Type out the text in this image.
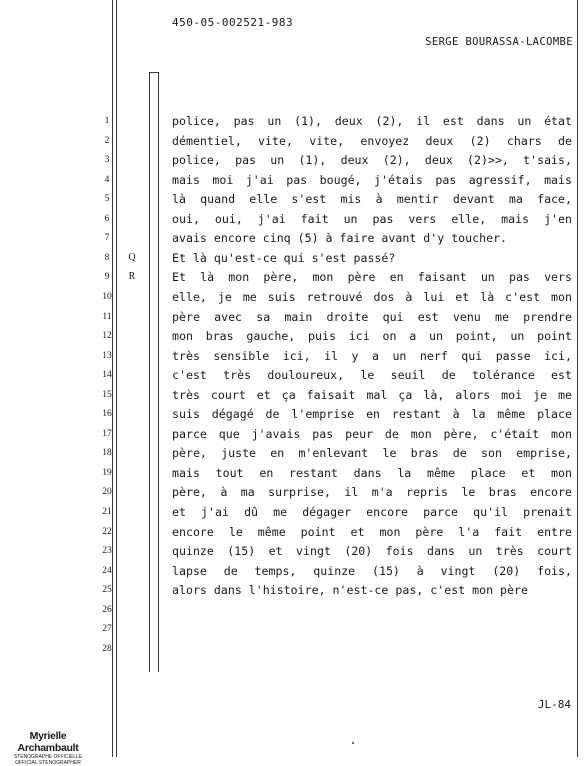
450-05-002521-983
SERGE BOURASSA-LACOMBE
1	police, pas un (1), deux (2), il est dans un état
2	démentiel, vite, vite, envoyez deux (2) chars de
3	police, pas un (1), deux (2), deux (2)>>, t'sais,
4	mais moi j'ai pas bougé, j'étais pas agressif, mais
5	là quand elle s'est mis à mentir devant ma face,
6	oui, oui, j'ai fait un pas vers elle, mais j'en
7	avais encore cinq (5) à faire avant d'y toucher.
8	Q	Et là qu'est-ce qui s'est passé?
9	R	Et là mon père, mon père en faisant un pas vers
10	elle, je me suis retrouvé dos à lui et là c'est mon
11	père avec sa main droite qui est venu me prendre
12	mon bras gauche, puis ici on a un point, un point
13	très sensible ici, il y a un nerf qui passe ici,
14	c'est très douloureux, le seuil de tolérance est
15	très court et ça faisait mal ça là, alors moi je me
16	suis dégagé de l'emprise en restant à la même place
17	parce que j'avais pas peur de mon père, c'était mon
18	père, juste en m'enlevant le bras de son emprise,
19	mais tout en restant dans la même place et mon
20	père, à ma surprise, il m'a repris le bras encore
21	et j'ai dû me dégager encore parce qu'il prenait
22	encore le même point et mon père l'a fait entre
23	quinze (15) et vingt (20) fois dans un très court
24	lapse de temps, quinze (15) à vingt (20) fois,
25	alors dans l'histoire, n'est-ce pas, c'est mon père
26
27
28
JL-84
Myrielle Archambault
STENOGRAPHE OFFICIELLE
OFFICIAL STENOGRAPHER
